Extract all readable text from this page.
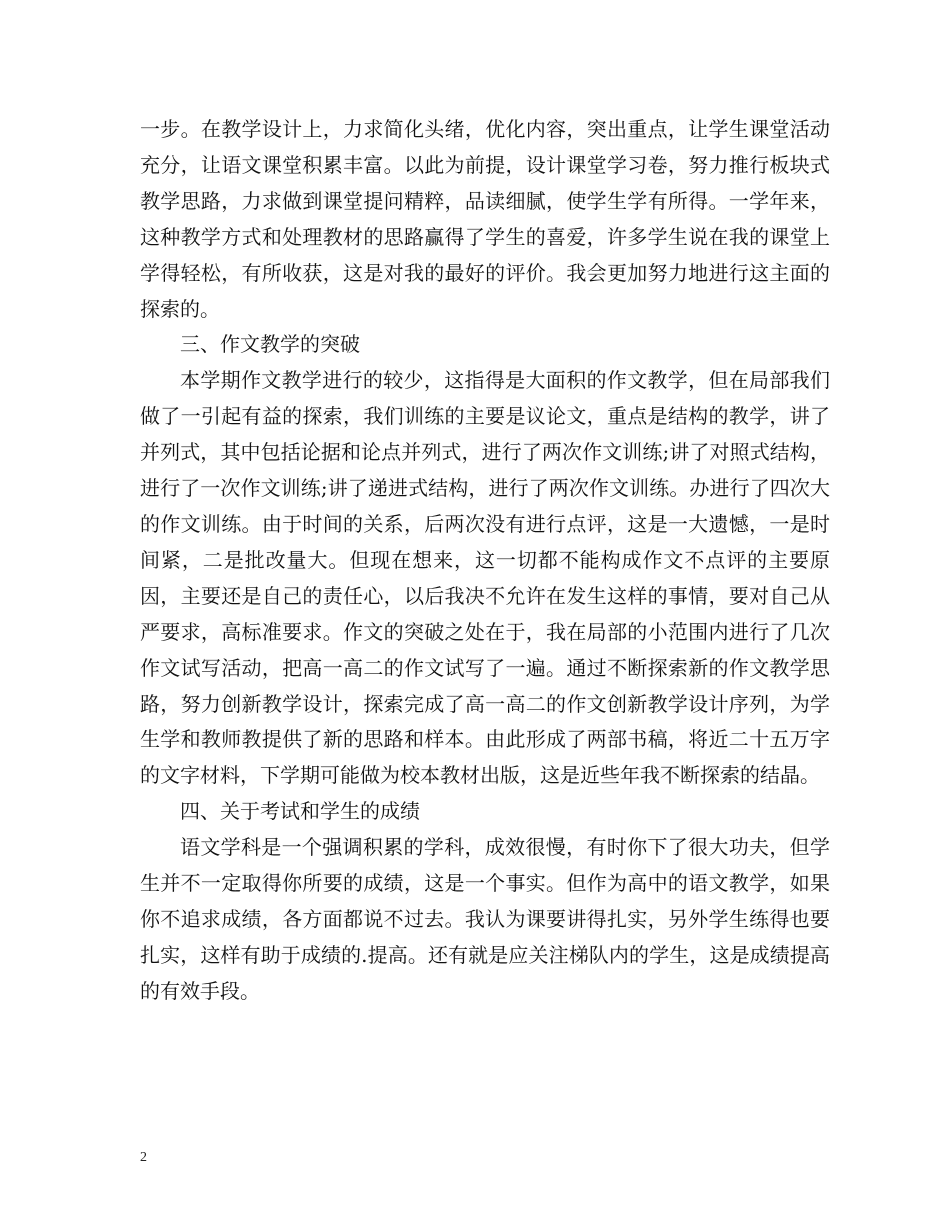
一步。在教学设计上，力求简化头绪，优化内容，突出重点，让学生课堂活动充分，让语文课堂积累丰富。以此为前提，设计课堂学习卷，努力推行板块式教学思路，力求做到课堂提问精粹，品读细腻，使学生学有所得。一学年来，这种教学方式和处理教材的思路赢得了学生的喜爱，许多学生说在我的课堂上学得轻松，有所收获，这是对我的最好的评价。我会更加努力地进行这主面的探索的。

三、作文教学的突破

本学期作文教学进行的较少，这指得是大面积的作文教学，但在局部我们做了一引起有益的探索，我们训练的主要是议论文，重点是结构的教学，讲了并列式，其中包括论据和论点并列式，进行了两次作文训练;讲了对照式结构，进行了一次作文训练;讲了递进式结构，进行了两次作文训练。办进行了四次大的作文训练。由于时间的关系，后两次没有进行点评，这是一大遗憾，一是时间紧，二是批改量大。但现在想来，这一切都不能构成作文不点评的主要原因，主要还是自己的责任心，以后我决不允许在发生这样的事情，要对自己从严要求，高标准要求。作文的突破之处在于，我在局部的小范围内进行了几次作文试写活动，把高一高二的作文试写了一遍。通过不断探索新的作文教学思路，努力创新教学设计，探索完成了高一高二的作文创新教学设计序列，为学生学和教师教提供了新的思路和样本。由此形成了两部书稿，将近二十五万字的文字材料，下学期可能做为校本教材出版，这是近些年我不断探索的结晶。

四、关于考试和学生的成绩

语文学科是一个强调积累的学科，成效很慢，有时你下了很大功夫，但学生并不一定取得你所要的成绩，这是一个事实。但作为高中的语文教学，如果你不追求成绩，各方面都说不过去。我认为课要讲得扎实，另外学生练得也要扎实，这样有助于成绩的.提高。还有就是应关注梯队内的学生，这是成绩提高的有效手段。

2
